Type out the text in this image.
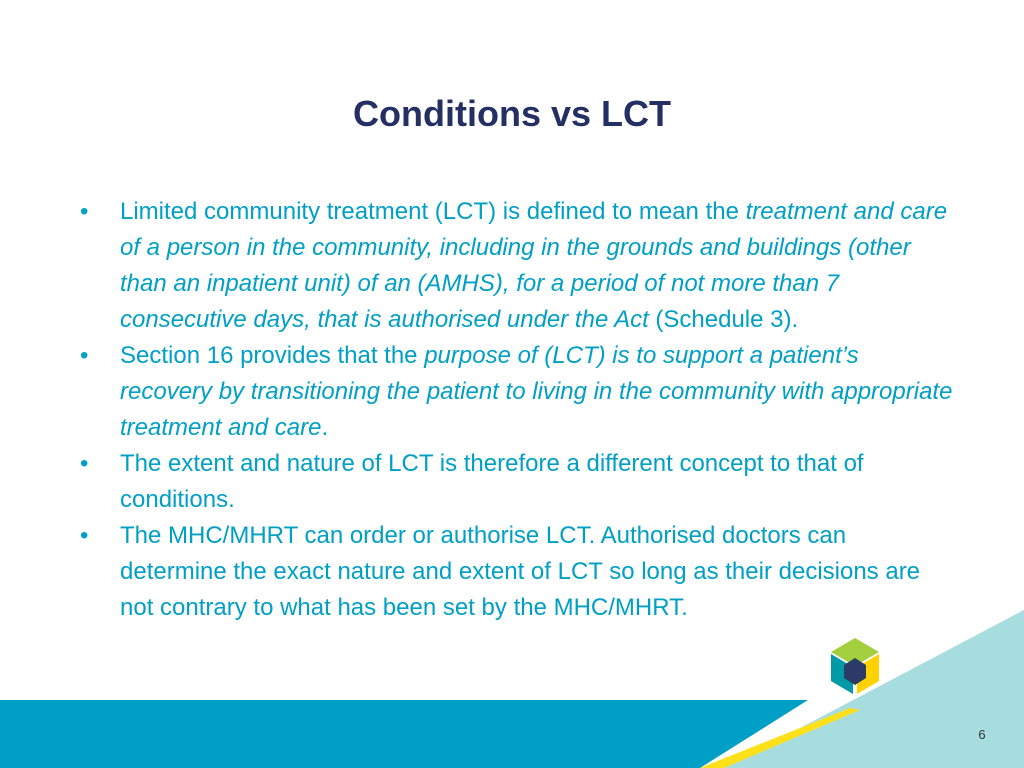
Conditions vs LCT
• Limited community treatment (LCT) is defined to mean the treatment and care of a person in the community, including in the grounds and buildings (other than an inpatient unit) of an (AMHS), for a period of not more than 7 consecutive days, that is authorised under the Act (Schedule 3).
• Section 16 provides that the purpose of (LCT) is to support a patient’s recovery by transitioning the patient to living in the community with appropriate treatment and care.
• The extent and nature of LCT is therefore a different concept to that of conditions.
• The MHC/MHRT can order or authorise LCT. Authorised doctors can determine the exact nature and extent of LCT so long as their decisions are not contrary to what has been set by the MHC/MHRT.
6
